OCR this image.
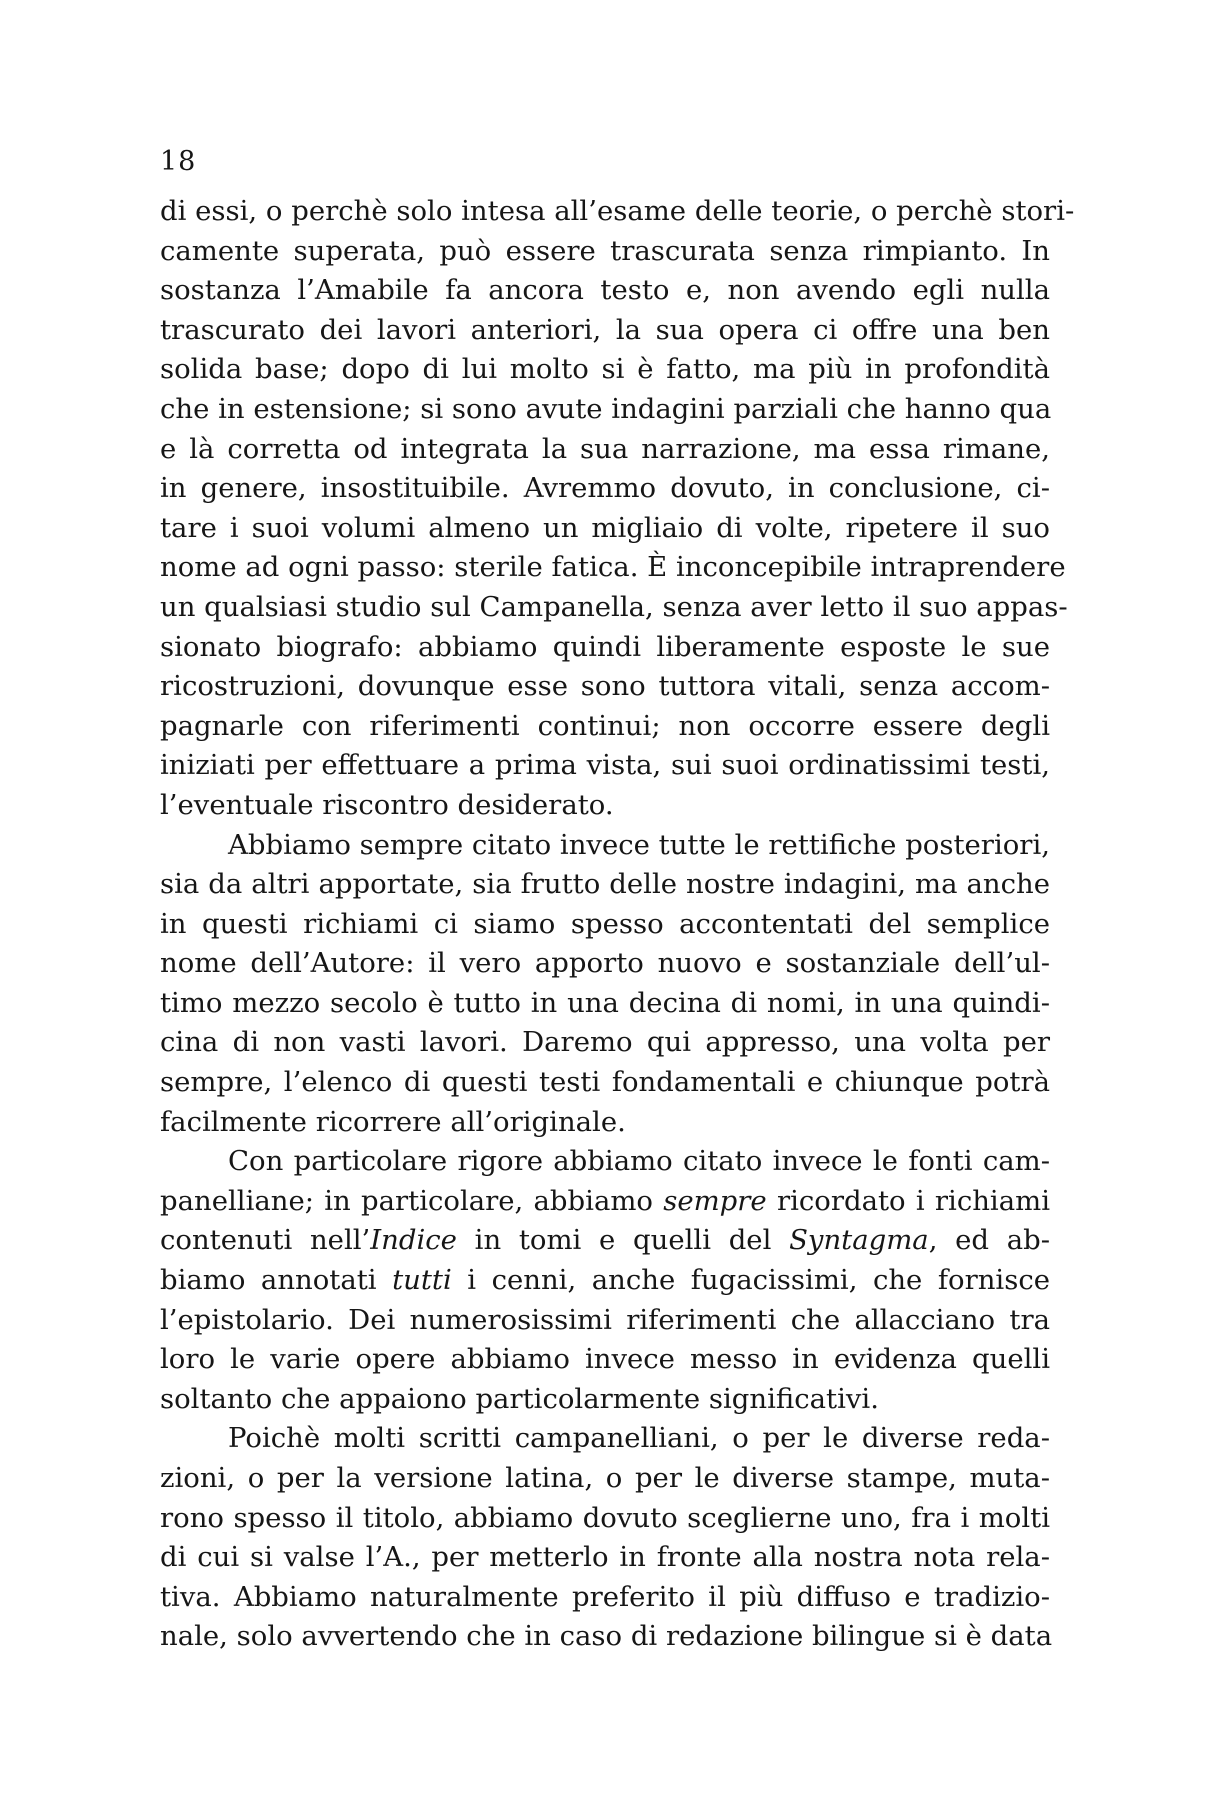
18
di essi, o perchè solo intesa all’esame delle teorie, o perchè stori-
camente superata, può essere trascurata senza rimpianto. In
sostanza l’Amabile fa ancora testo e, non avendo egli nulla
trascurato dei lavori anteriori, la sua opera ci offre una ben
solida base; dopo di lui molto si è fatto, ma più in profondità
che in estensione; si sono avute indagini parziali che hanno qua
e là corretta od integrata la sua narrazione, ma essa rimane,
in genere, insostituibile. Avremmo dovuto, in conclusione, ci-
tare i suoi volumi almeno un migliaio di volte, ripetere il suo
nome ad ogni passo: sterile fatica. È inconcepibile intraprendere
un qualsiasi studio sul Campanella, senza aver letto il suo appas-
sionato biografo: abbiamo quindi liberamente esposte le sue
ricostruzioni, dovunque esse sono tuttora vitali, senza accom-
pagnarle con riferimenti continui; non occorre essere degli
iniziati per effettuare a prima vista, sui suoi ordinatissimi testi,
l’eventuale riscontro desiderato.
Abbiamo sempre citato invece tutte le rettifiche posteriori,
sia da altri apportate, sia frutto delle nostre indagini, ma anche
in questi richiami ci siamo spesso accontentati del semplice
nome dell’Autore: il vero apporto nuovo e sostanziale dell’ul-
timo mezzo secolo è tutto in una decina di nomi, in una quindi-
cina di non vasti lavori. Daremo qui appresso, una volta per
sempre, l’elenco di questi testi fondamentali e chiunque potrà
facilmente ricorrere all’originale.
Con particolare rigore abbiamo citato invece le fonti cam-
panelliane; in particolare, abbiamo sempre ricordato i richiami
contenuti nell’Indice in tomi e quelli del Syntagma, ed ab-
biamo annotati tutti i cenni, anche fugacissimi, che fornisce
l’epistolario. Dei numerosissimi riferimenti che allacciano tra
loro le varie opere abbiamo invece messo in evidenza quelli
soltanto che appaiono particolarmente significativi.
Poichè molti scritti campanelliani, o per le diverse reda-
zioni, o per la versione latina, o per le diverse stampe, muta-
rono spesso il titolo, abbiamo dovuto sceglierne uno, fra i molti
di cui si valse l’A., per metterlo in fronte alla nostra nota rela-
tiva. Abbiamo naturalmente preferito il più diffuso e tradizio-
nale, solo avvertendo che in caso di redazione bilingue si è data
